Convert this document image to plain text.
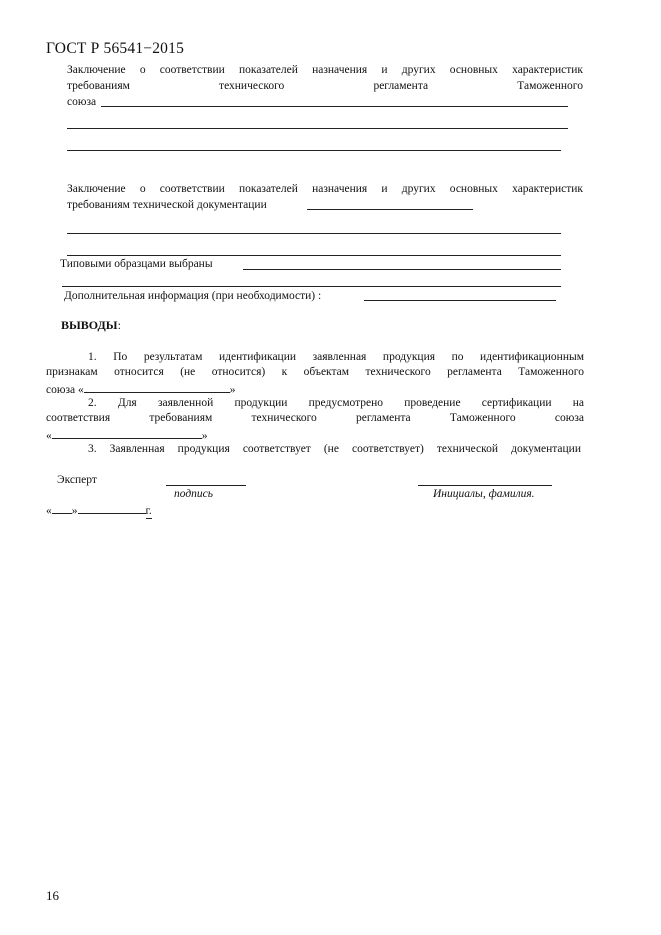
ГОСТ Р 56541−2015
Заключение о соответствии показателей назначения и других основных характеристик
требованиям	технического	регламента	Таможенного
союза
Заключение о соответствии показателей назначения и других основных характеристик
требованиям технической документации
Типовыми образцами выбраны
Дополнительная информация (при необходимости) :
ВЫВОДЫ:
1. По результатам идентификации заявленная продукция по идентификационным
признакам относится (не относится) к объектам технического регламента Таможенного
союза «	»
2. Для заявленной продукции предусмотрено проведение сертификации на
соответствия	требованиям	технического	регламента	Таможенного	союза
«	»
3. Заявленная продукция соответствует (не соответствует) технической документации
Эксперт
подпись	Инициалы, фамилия.
« »	г.
16
